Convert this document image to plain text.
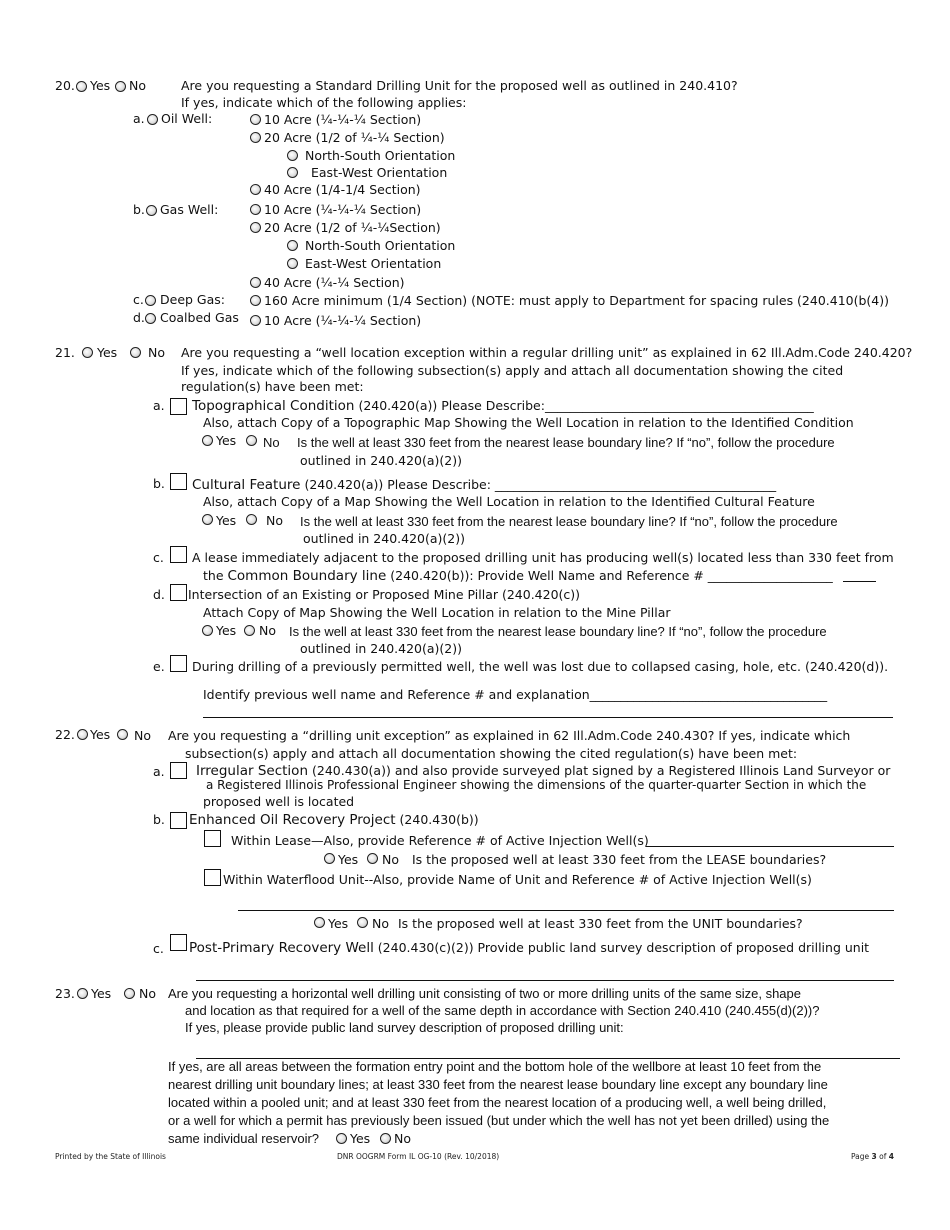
20. Yes No	Are you requesting a Standard Drilling Unit for the proposed well as outlined in 240.410?
If yes, indicate which of the following applies:
a. Oil Well:	10 Acre (¼-¼-¼ Section)
20 Acre (1/2 of ¼-¼ Section)
North-South Orientation
East-West Orientation
40 Acre (1/4-1/4 Section)
b. Gas Well:	10 Acre (¼-¼-¼ Section)
20 Acre (1/2 of ¼-¼Section)
North-South Orientation
East-West Orientation
40 Acre (¼-¼ Section)
c. Deep Gas:	160 Acre minimum (1/4 Section) (NOTE: must apply to Department for spacing rules (240.410(b(4))
d. Coalbed Gas 10 Acre (¼-¼-¼ Section)
21. Yes No Are you requesting a “well location exception within a regular drilling unit” as explained in 62 Ill.Adm.Code 240.420?
If yes, indicate which of the following subsection(s) apply and attach all documentation showing the cited
regulation(s) have been met:
a. Topographical Condition (240.420(a)) Please Describe:___________________________________________
Also, attach Copy of a Topographic Map Showing the Well Location in relation to the Identified Condition
Yes No Is the well at least 330 feet from the nearest lease boundary line? If “no”, follow the procedure
outlined in 240.420(a)(2))
b. Cultural Feature (240.420(a)) Please Describe: _____________________________________________
Also, attach Copy of a Map Showing the Well Location in relation to the Identified Cultural Feature
Yes No Is the well at least 330 feet from the nearest lease boundary line? If “no”, follow the procedure
outlined in 240.420(a)(2))
c. A lease immediately adjacent to the proposed drilling unit has producing well(s) located less than 330 feet from
the Common Boundary line (240.420(b)): Provide Well Name and Reference # ____________________
d. Intersection of an Existing or Proposed Mine Pillar (240.420(c))
Attach Copy of Map Showing the Well Location in relation to the Mine Pillar
Yes No Is the well at least 330 feet from the nearest lease boundary line? If “no”, follow the procedure
outlined in 240.420(a)(2))
e. During drilling of a previously permitted well, the well was lost due to collapsed casing, hole, etc. (240.420(d)).
Identify previous well name and Reference # and explanation______________________________________
22. Yes No Are you requesting a “drilling unit exception” as explained in 62 Ill.Adm.Code 240.430? If yes, indicate which
subsection(s) apply and attach all documentation showing the cited regulation(s) have been met:
a. Irregular Section (240.430(a)) and also provide surveyed plat signed by a Registered Illinois Land Surveyor or
a Registered Illinois Professional Engineer showing the dimensions of the quarter-quarter Section in which the
proposed well is located
b. Enhanced Oil Recovery Project (240.430(b))
Within Lease—Also, provide Reference # of Active Injection Well(s)
Yes No Is the proposed well at least 330 feet from the LEASE boundaries?
Within Waterflood Unit--Also, provide Name of Unit and Reference # of Active Injection Well(s)
Yes No Is the proposed well at least 330 feet from the UNIT boundaries?
c. Post-Primary Recovery Well (240.430(c)(2)) Provide public land survey description of proposed drilling unit
23. Yes No Are you requesting a horizontal well drilling unit consisting of two or more drilling units of the same size, shape
and location as that required for a well of the same depth in accordance with Section 240.410 (240.455(d)(2))?
If yes, please provide public land survey description of proposed drilling unit:
If yes, are all areas between the formation entry point and the bottom hole of the wellbore at least 10 feet from the
nearest drilling unit boundary lines; at least 330 feet from the nearest lease boundary line except any boundary line
located within a pooled unit; and at least 330 feet from the nearest location of a producing well, a well being drilled,
or a well for which a permit has previously been issued (but under which the well has not yet been drilled) using the
same individual reservoir? Yes No
Printed by the State of Illinois	DNR OOGRM Form IL OG-10 (Rev. 10/2018)	Page 3 of 4
